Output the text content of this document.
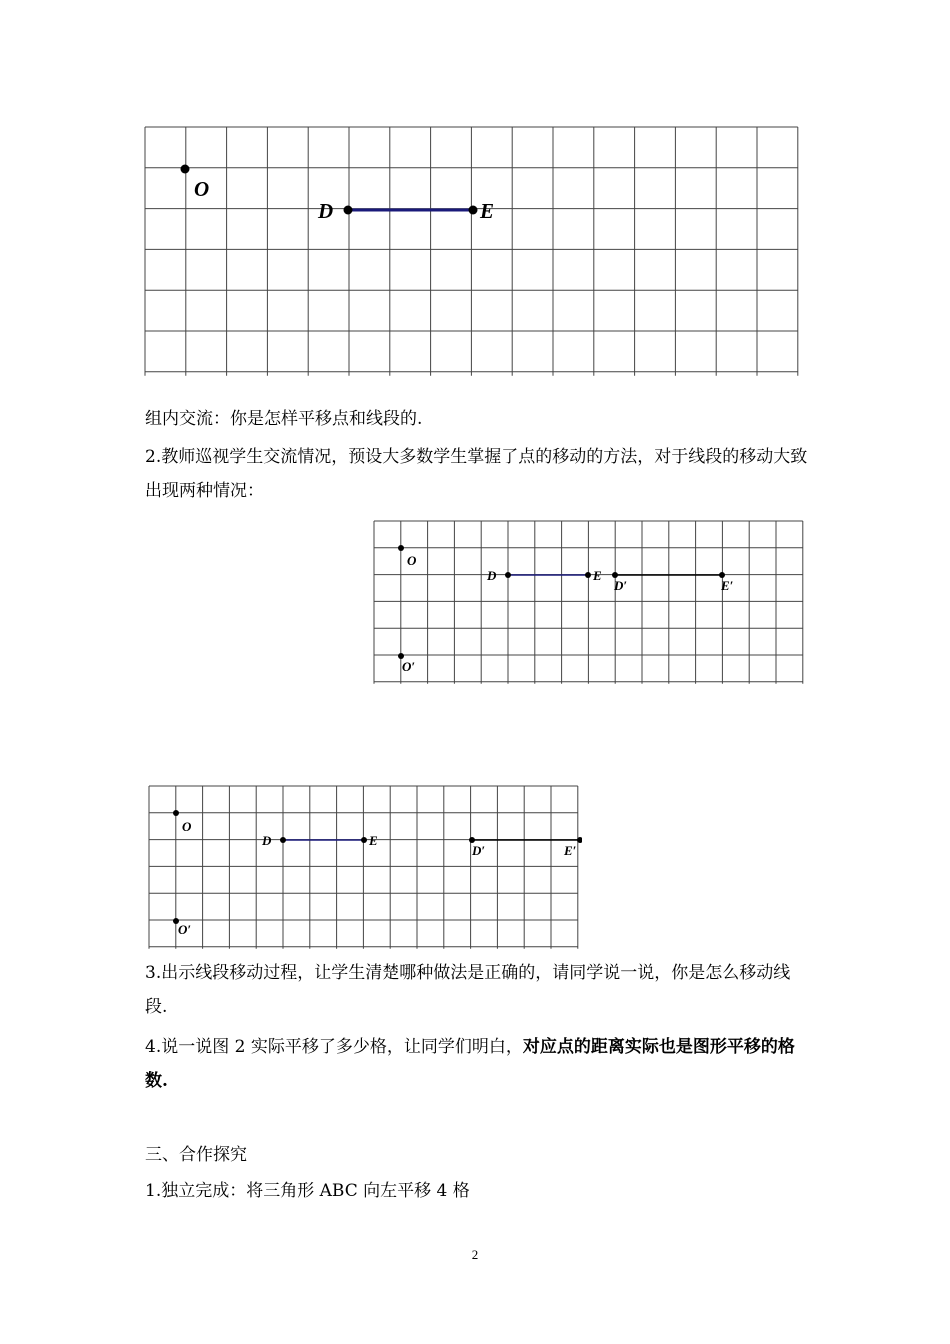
O
D	E

组内交流：你是怎样平移点和线段的.

2.教师巡视学生交流情况，预设大多数学生掌握了点的移动的方法，对于线段的移动大致出现两种情况：

O
O′
D	E
D′	E′
O
O′
D	E
D′	E′

3.出示线段移动过程，让学生清楚哪种做法是正确的，请同学说一说，你是怎么移动线段.

4.说一说图 2 实际平移了多少格，让同学们明白，对应点的距离实际也是图形平移的格数.

三、合作探究

1.独立完成：将三角形 ABC 向左平移 4 格

2
